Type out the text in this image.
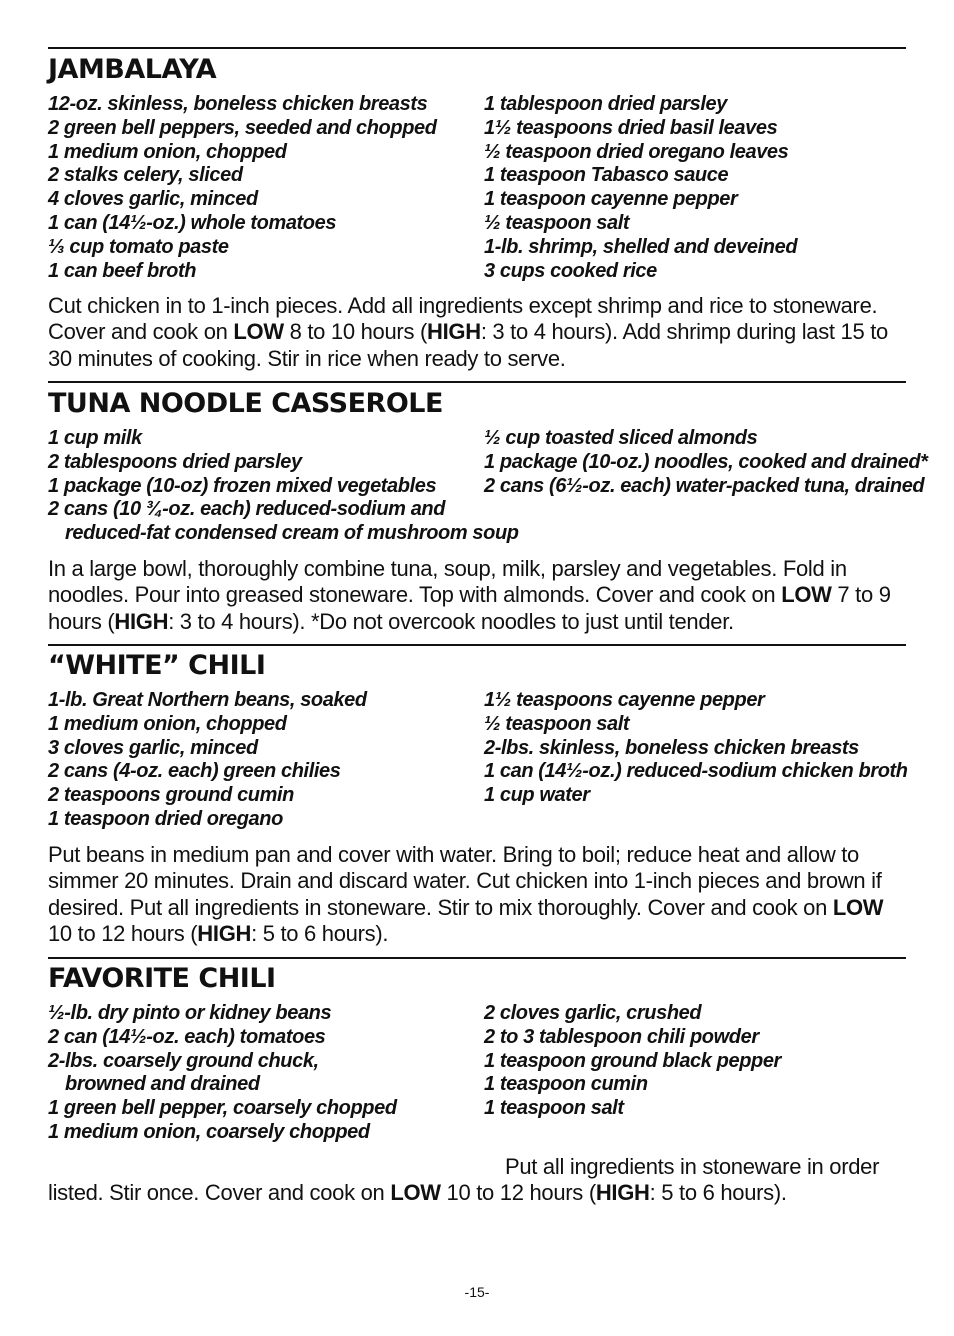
JAMBALAYA
12-oz. skinless, boneless chicken breasts
2 green bell peppers, seeded and chopped
1 medium onion, chopped
2 stalks celery, sliced
4 cloves garlic, minced
1 can (14½-oz.) whole tomatoes
⅓ cup tomato paste
1 can beef broth
1 tablespoon dried parsley
1½ teaspoons dried basil leaves
½ teaspoon dried oregano leaves
1 teaspoon Tabasco sauce
1 teaspoon cayenne pepper
½ teaspoon salt
1-lb. shrimp, shelled and deveined
3 cups cooked rice
Cut chicken in to 1-inch pieces. Add all ingredients except shrimp and rice to stoneware. Cover and cook on LOW 8 to 10 hours (HIGH: 3 to 4 hours). Add shrimp during last 15 to 30 minutes of cooking. Stir in rice when ready to serve.
TUNA NOODLE CASSEROLE
1 cup milk
2 tablespoons dried parsley
1 package (10-oz) frozen mixed vegetables
2 cans (10 ¾-oz. each) reduced-sodium and
reduced-fat condensed cream of mushroom soup
½ cup toasted sliced almonds
1 package (10-oz.) noodles, cooked and drained*
2 cans (6½-oz. each) water-packed tuna, drained
In a large bowl, thoroughly combine tuna, soup, milk, parsley and vegetables. Fold in noodles. Pour into greased stoneware. Top with almonds. Cover and cook on LOW 7 to 9 hours (HIGH: 3 to 4 hours). *Do not overcook noodles to just until tender.
“WHITE” CHILI
1-lb. Great Northern beans, soaked
1 medium onion, chopped
3 cloves garlic, minced
2 cans (4-oz. each) green chilies
2 teaspoons ground cumin
1 teaspoon dried oregano
1½ teaspoons cayenne pepper
½ teaspoon salt
2-lbs. skinless, boneless chicken breasts
1 can (14½-oz.) reduced-sodium chicken broth
1 cup water
Put beans in medium pan and cover with water. Bring to boil; reduce heat and allow to simmer 20 minutes. Drain and discard water. Cut chicken into 1-inch pieces and brown if desired. Put all ingredients in stoneware. Stir to mix thoroughly. Cover and cook on LOW 10 to 12 hours (HIGH: 5 to 6 hours).
FAVORITE CHILI
½-lb. dry pinto or kidney beans
2 can (14½-oz. each) tomatoes
2-lbs. coarsely ground chuck,
browned and drained
1 green bell pepper, coarsely chopped
1 medium onion, coarsely chopped
2 cloves garlic, crushed
2 to 3 tablespoon chili powder
1 teaspoon ground black pepper
1 teaspoon cumin
1 teaspoon salt
Put all ingredients in stoneware in order listed. Stir once. Cover and cook on LOW 10 to 12 hours (HIGH: 5 to 6 hours).
-15-
